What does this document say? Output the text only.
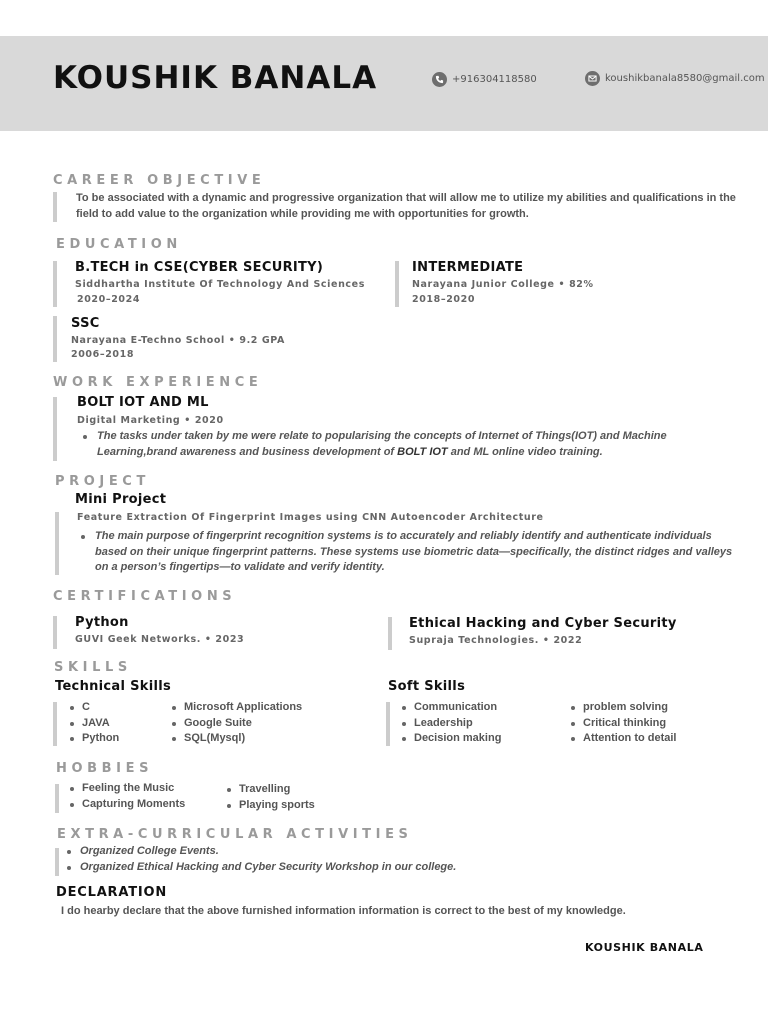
KOUSHIK BANALA	+916304118580	koushikbanala8580@gmail.com
CAREER OBJECTIVE
To be associated with a dynamic and progressive organization that will allow me to utilize my abilities and qualifications in the field to add value to the organization while providing me with opportunities for growth.
EDUCATION
B.TECH in CSE(CYBER SECURITY)
Siddhartha Institute Of Technology And Sciences
2020–2024
INTERMEDIATE
Narayana Junior College • 82%
2018–2020
SSC
Narayana E-Techno School • 9.2 GPA
2006–2018
WORK EXPERIENCE
BOLT IOT AND ML
Digital Marketing • 2020
The tasks under taken by me were relate to popularising the concepts of Internet of Things(IOT) and Machine Learning,brand awareness and business development of BOLT IOT and ML online video training.
PROJECT
Mini Project
Feature Extraction Of Fingerprint Images using CNN Autoencoder Architecture
The main purpose of fingerprint recognition systems is to accurately and reliably identify and authenticate individuals based on their unique fingerprint patterns. These systems use biometric data—specifically, the distinct ridges and valleys on a person’s fingertips—to validate and verify identity.
CERTIFICATIONS
Python
GUVI Geek Networks. • 2023
Ethical Hacking and Cyber Security
Supraja Technologies. • 2022
SKILLS
Technical Skills
C
JAVA
Python
Microsoft Applications
Google Suite
SQL(Mysql)
Soft Skills
Communication
Leadership
Decision making
problem solving
Critical thinking
Attention to detail
HOBBIES
Feeling the Music
Capturing Moments
Travelling
Playing sports
EXTRA-CURRICULAR ACTIVITIES
Organized College Events.
Organized Ethical Hacking and Cyber Security Workshop in our college.
DECLARATION
I do hearby declare that the above furnished information information is correct to the best of my knowledge.
KOUSHIK BANALA
